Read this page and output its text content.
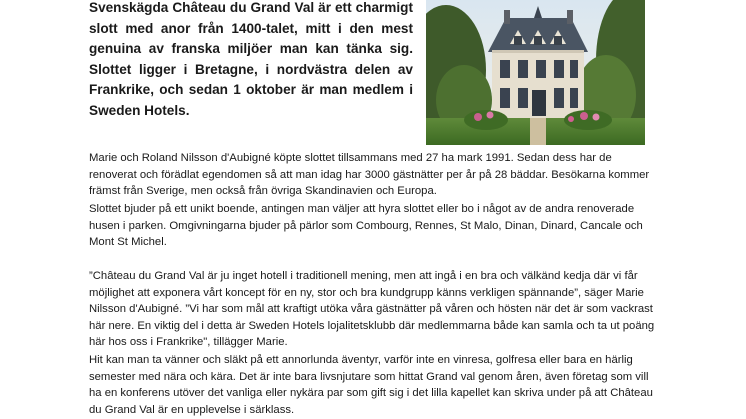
Svenskägda Château du Grand Val är ett charmigt slott med anor från 1400-talet, mitt i den mest genuina av franska miljöer man kan tänka sig. Slottet ligger i Bretagne, i nordvästra delen av Frankrike, och sedan 1 oktober är man medlem i Sweden Hotels.

Marie och Roland Nilsson d'Aubigné köpte slottet tillsammans med 27 ha mark 1991. Sedan dess har de renoverat och förädlat egendomen så att man idag har 3000 gästnätter per år på 28 bäddar. Besökarna kommer främst från Sverige, men också från övriga Skandinavien och Europa.

Slottet bjuder på ett unikt boende, antingen man väljer att hyra slottet eller bo i något av de andra renoverade husen i parken. Omgivningarna bjuder på pärlor som Combourg, Rennes, St Malo, Dinan, Dinard, Cancale och Mont St Michel.

”Château du Grand Val är ju inget hotell i traditionell mening, men att ingå i en bra och välkänd kedja där vi får möjlighet att exponera vårt koncept för en ny, stor och bra kundgrupp känns verkligen spännande”, säger Marie Nilsson d'Aubigné. ”Vi har som mål att kraftigt utöka våra gästnätter på våren och hösten när det är som vackrast här nere. En viktig del i detta är Sweden Hotels lojalitetsklubb där medlemmarna både kan samla och ta ut poäng här hos oss i Frankrike", tillägger Marie.

Hit kan man ta vänner och släkt på ett annorlunda äventyr, varför inte en vinresa, golfresa eller bara en härlig semester med nära och kära. Det är inte bara livsnjutare som hittat Grand val genom åren, även företag som vill ha en konferens utöver det vanliga eller nykära par som gift sig i det lilla kapellet kan skriva under på att Château du Grand Val är en upplevelse i särklass.
